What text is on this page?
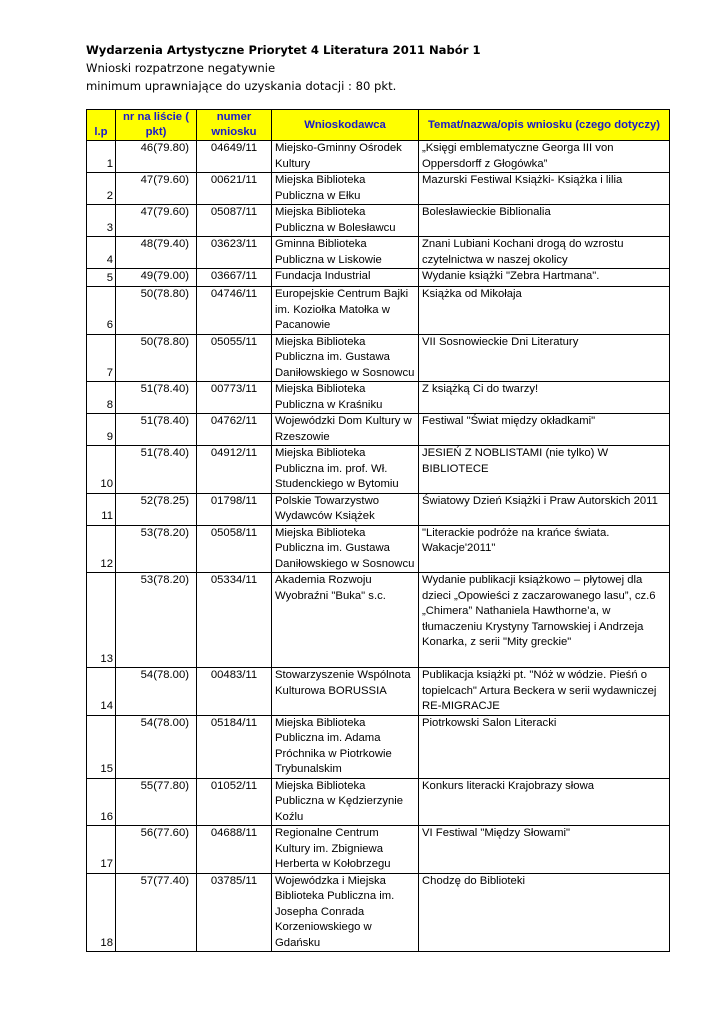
Wydarzenia Artystyczne Priorytet 4 Literatura 2011 Nabór 1
Wnioski rozpatrzone negatywnie
minimum uprawniające do uzyskania dotacji : 80 pkt.
l.p	nr na liście ( pkt)	numer wniosku	Wnioskodawca	Temat/nazwa/opis wniosku (czego dotyczy)
1	46(79.80)	04649/11	Miejsko-Gminny Ośrodek Kultury	„Księgi emblematyczne Georga III von Oppersdorff z Głogówka”
2	47(79.60)	00621/11	Miejska Biblioteka Publiczna w Ełku	Mazurski Festiwal Książki- Książka i lilia
3	47(79.60)	05087/11	Miejska Biblioteka Publiczna w Bolesławcu	Bolesławieckie Biblionalia
4	48(79.40)	03623/11	Gminna Biblioteka Publiczna w Liskowie	Znani Lubiani Kochani drogą do wzrostu czytelnictwa w naszej okolicy
5	49(79.00)	03667/11	Fundacja Industrial	Wydanie książki "Zebra Hartmana".
6	50(78.80)	04746/11	Europejskie Centrum Bajki im. Koziołka Matołka w Pacanowie	Książka od Mikołaja
7	50(78.80)	05055/11	Miejska Biblioteka Publiczna im. Gustawa Daniłowskiego w Sosnowcu	VII Sosnowieckie Dni Literatury
8	51(78.40)	00773/11	Miejska Biblioteka Publiczna w Kraśniku	Z książką Ci do twarzy!
9	51(78.40)	04762/11	Wojewódzki Dom Kultury w Rzeszowie	Festiwal "Świat między okładkami"
10	51(78.40)	04912/11	Miejska Biblioteka Publiczna im. prof. Wł. Studenckiego w Bytomiu	JESIEŃ Z NOBLISTAMI (nie tylko) W BIBLIOTECE
11	52(78.25)	01798/11	Polskie Towarzystwo Wydawców Książek	Światowy Dzień Książki i Praw Autorskich 2011
12	53(78.20)	05058/11	Miejska Biblioteka Publiczna im. Gustawa Daniłowskiego w Sosnowcu	"Literackie podróże na krańce świata. Wakacje'2011"
13	53(78.20)	05334/11	Akademia Rozwoju Wyobraźni "Buka" s.c.	Wydanie publikacji książkowo – płytowej dla dzieci „Opowieści z zaczarowanego lasu”, cz.6 „Chimera” Nathaniela Hawthorne’a, w tłumaczeniu Krystyny Tarnowskiej i Andrzeja Konarka, z serii "Mity greckie"
14	54(78.00)	00483/11	Stowarzyszenie Wspólnota Kulturowa BORUSSIA	Publikacja książki pt. "Nóż w wódzie. Pieśń o topielcach" Artura Beckera w serii wydawniczej RE-MIGRACJE
15	54(78.00)	05184/11	Miejska Biblioteka Publiczna im. Adama Próchnika w Piotrkowie Trybunalskim	Piotrkowski Salon Literacki
16	55(77.80)	01052/11	Miejska Biblioteka Publiczna w Kędzierzynie Koźlu	Konkurs literacki Krajobrazy słowa
17	56(77.60)	04688/11	Regionalne Centrum Kultury im. Zbigniewa Herberta w Kołobrzegu	VI Festiwal "Między Słowami"
18	57(77.40)	03785/11	Wojewódzka i Miejska Biblioteka Publiczna im. Josepha Conrada Korzeniowskiego w Gdańsku	Chodzę do Biblioteki
